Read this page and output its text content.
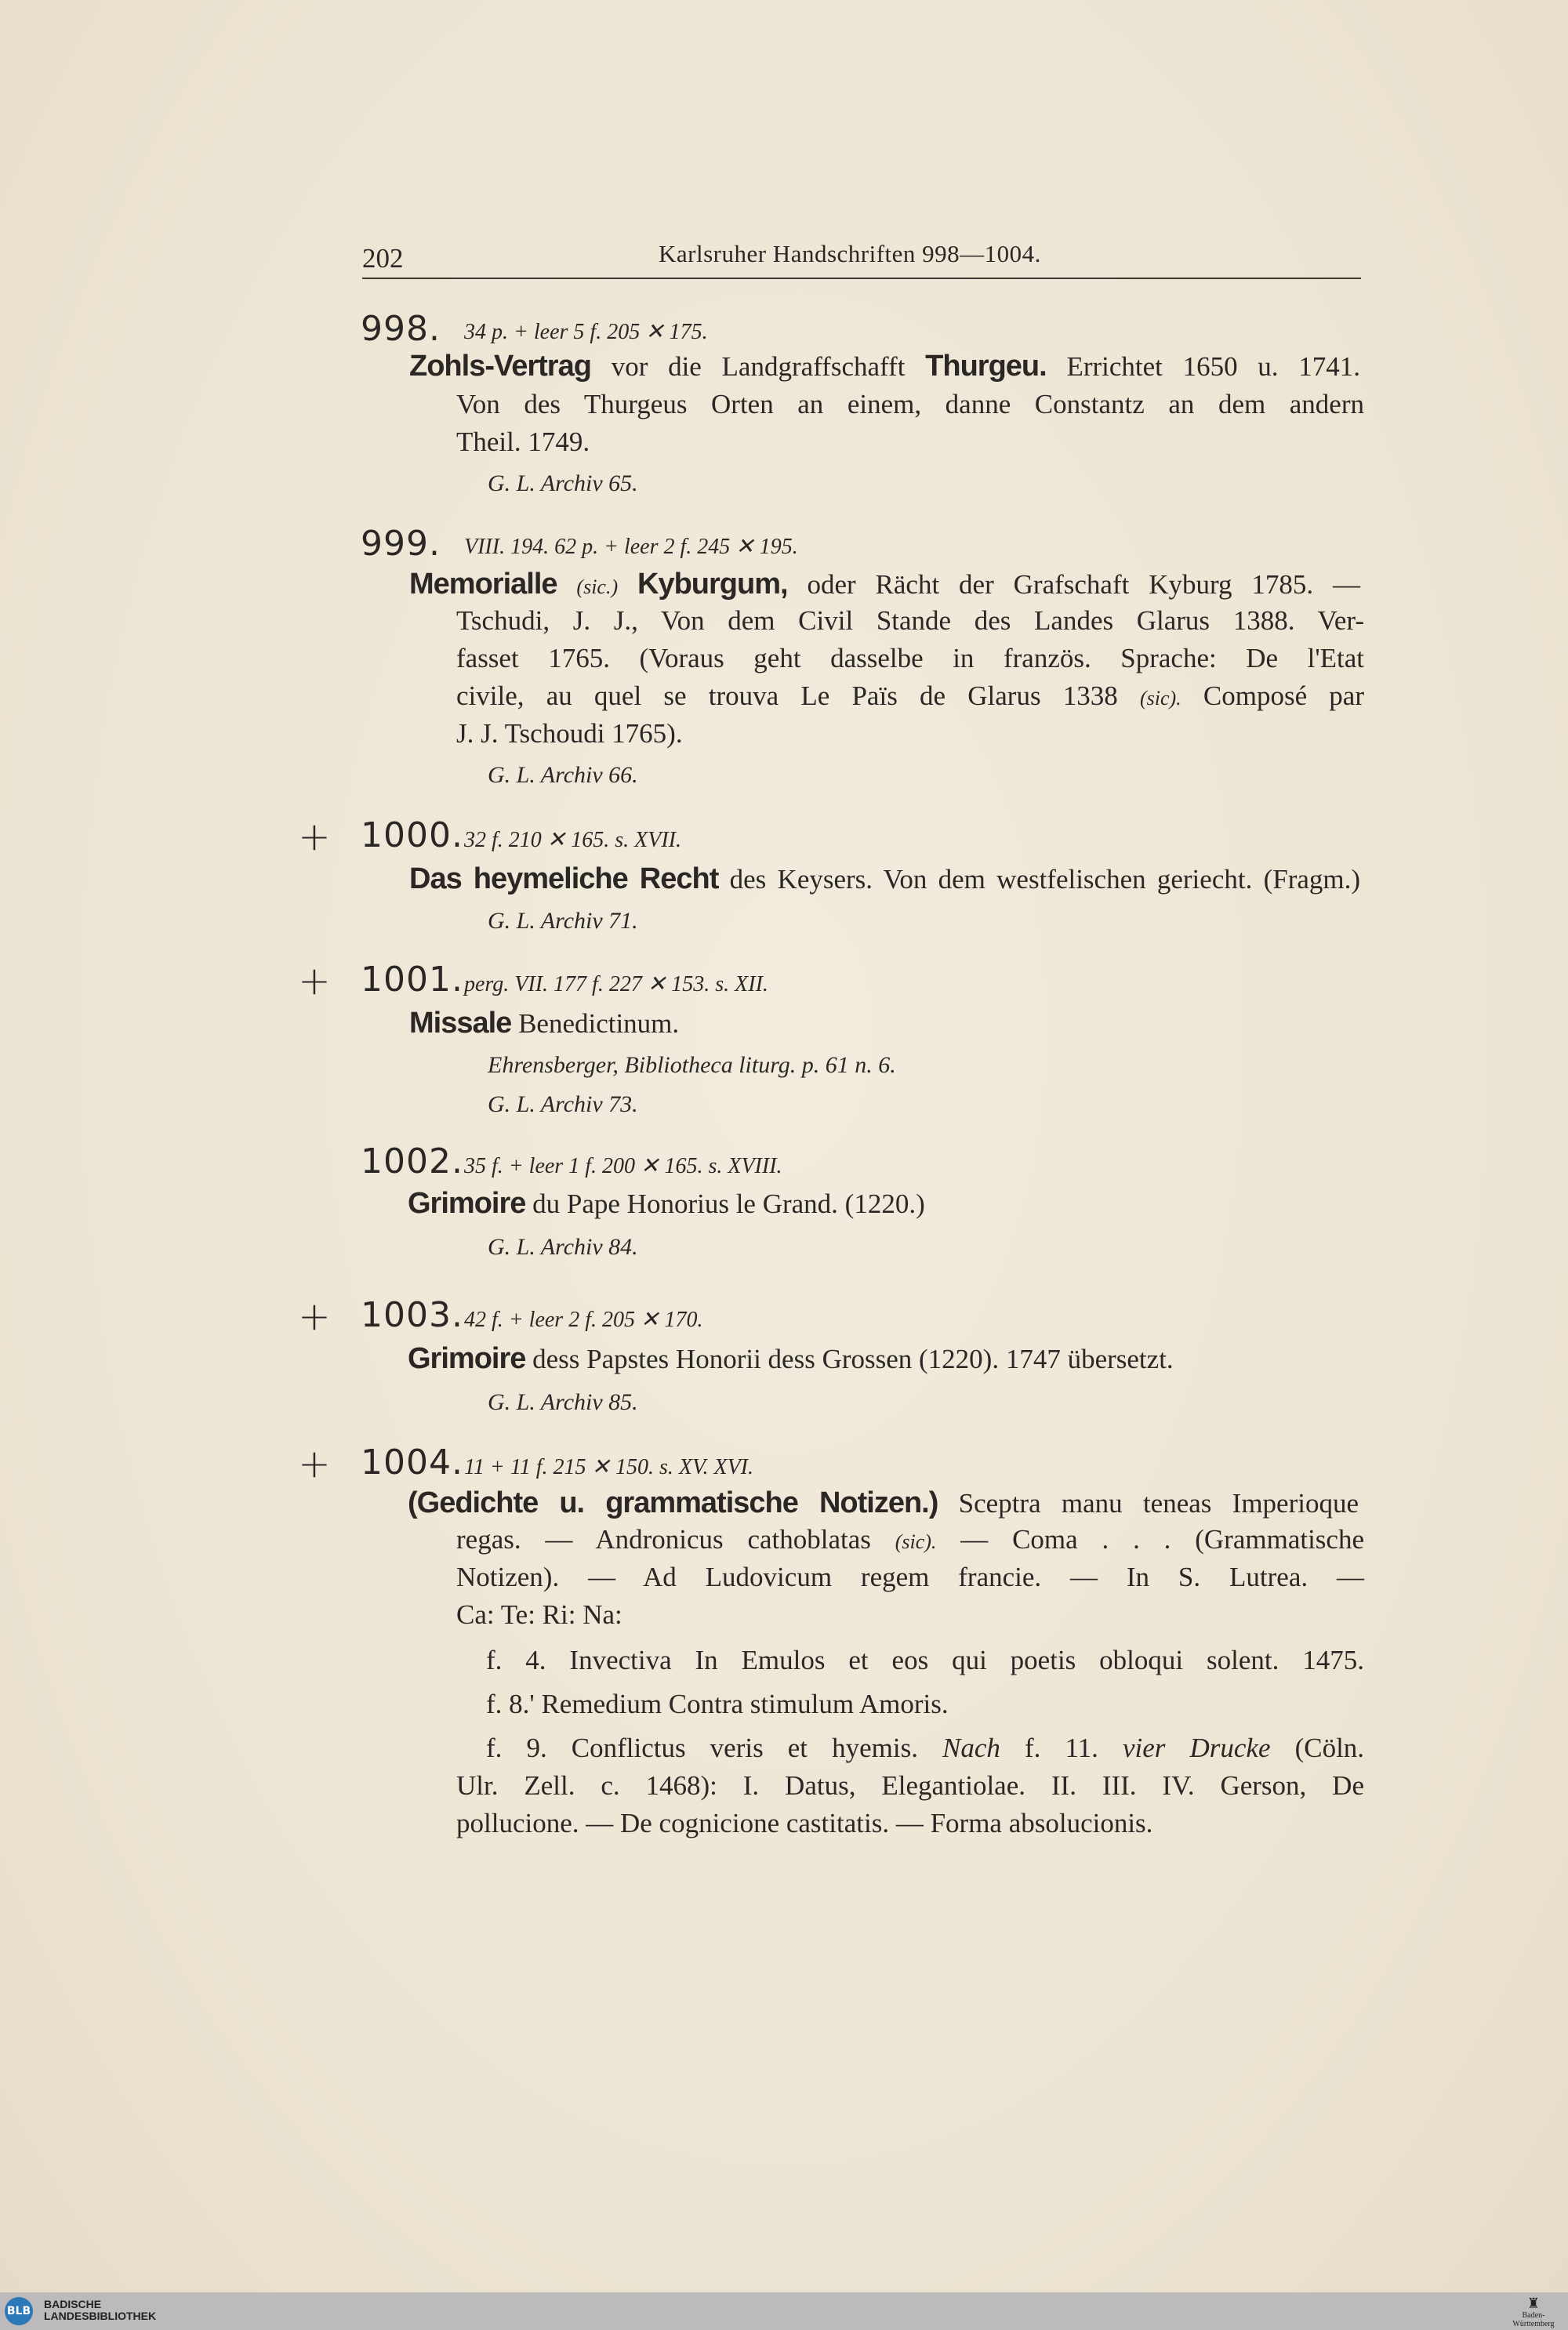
202	Karlsruher Handschriften 998—1004.
998. 34 p. + leer 5 f. 205 ✕ 175.
Zohls-Vertrag vor die Landgraffschafft Thurgeu. Errichtet 1650 u. 1741.
Von des Thurgeus Orten an einem, danne Constantz an dem andern
Theil. 1749.
G. L. Archiv 65.
999. VIII. 194. 62 p. + leer 2 f. 245 ✕ 195.
Memorialle (sic.) Kyburgum, oder Rächt der Grafschaft Kyburg 1785. —
Tschudi, J. J., Von dem Civil Stande des Landes Glarus 1388. Ver-
fasset 1765. (Voraus geht dasselbe in französ. Sprache: De l'Etat
civile, au quel se trouva Le Païs de Glarus 1338 (sic). Composé par
J. J. Tschoudi 1765).
G. L. Archiv 66.
+ 1000. 32 f. 210 ✕ 165. s. XVII.
Das heymeliche Recht des Keysers. Von dem westfelischen geriecht. (Fragm.)
G. L. Archiv 71.
+ 1001. perg. VII. 177 f. 227 ✕ 153. s. XII.
Missale Benedictinum.
Ehrensberger, Bibliotheca liturg. p. 61 n. 6.
G. L. Archiv 73.
1002. 35 f. + leer 1 f. 200 ✕ 165. s. XVIII.
Grimoire du Pape Honorius le Grand. (1220.)
G. L. Archiv 84.
+ 1003. 42 f. + leer 2 f. 205 ✕ 170.
Grimoire dess Papstes Honorii dess Grossen (1220). 1747 übersetzt.
G. L. Archiv 85.
+ 1004. 11 + 11 f. 215 ✕ 150. s. XV. XVI.
(Gedichte u. grammatische Notizen.) Sceptra manu teneas Imperioque
regas. — Andronicus cathoblatas (sic). — Coma . . . (Grammatische
Notizen). — Ad Ludovicum regem francie. — In S. Lutrea. —
Ca: Te: Ri: Na:
f. 4. Invectiva In Emulos et eos qui poetis obloqui solent. 1475.
f. 8.' Remedium Contra stimulum Amoris.
f. 9. Conflictus veris et hyemis. Nach f. 11. vier Drucke (Cöln.
Ulr. Zell. c. 1468): I. Datus, Elegantiolae. II. III. IV. Gerson, De
pollucione. — De cognicione castitatis. — Forma absolucionis.
BLB
BADISCHE
LANDESBIBLIOTHEK
♜
Baden-Württemberg
